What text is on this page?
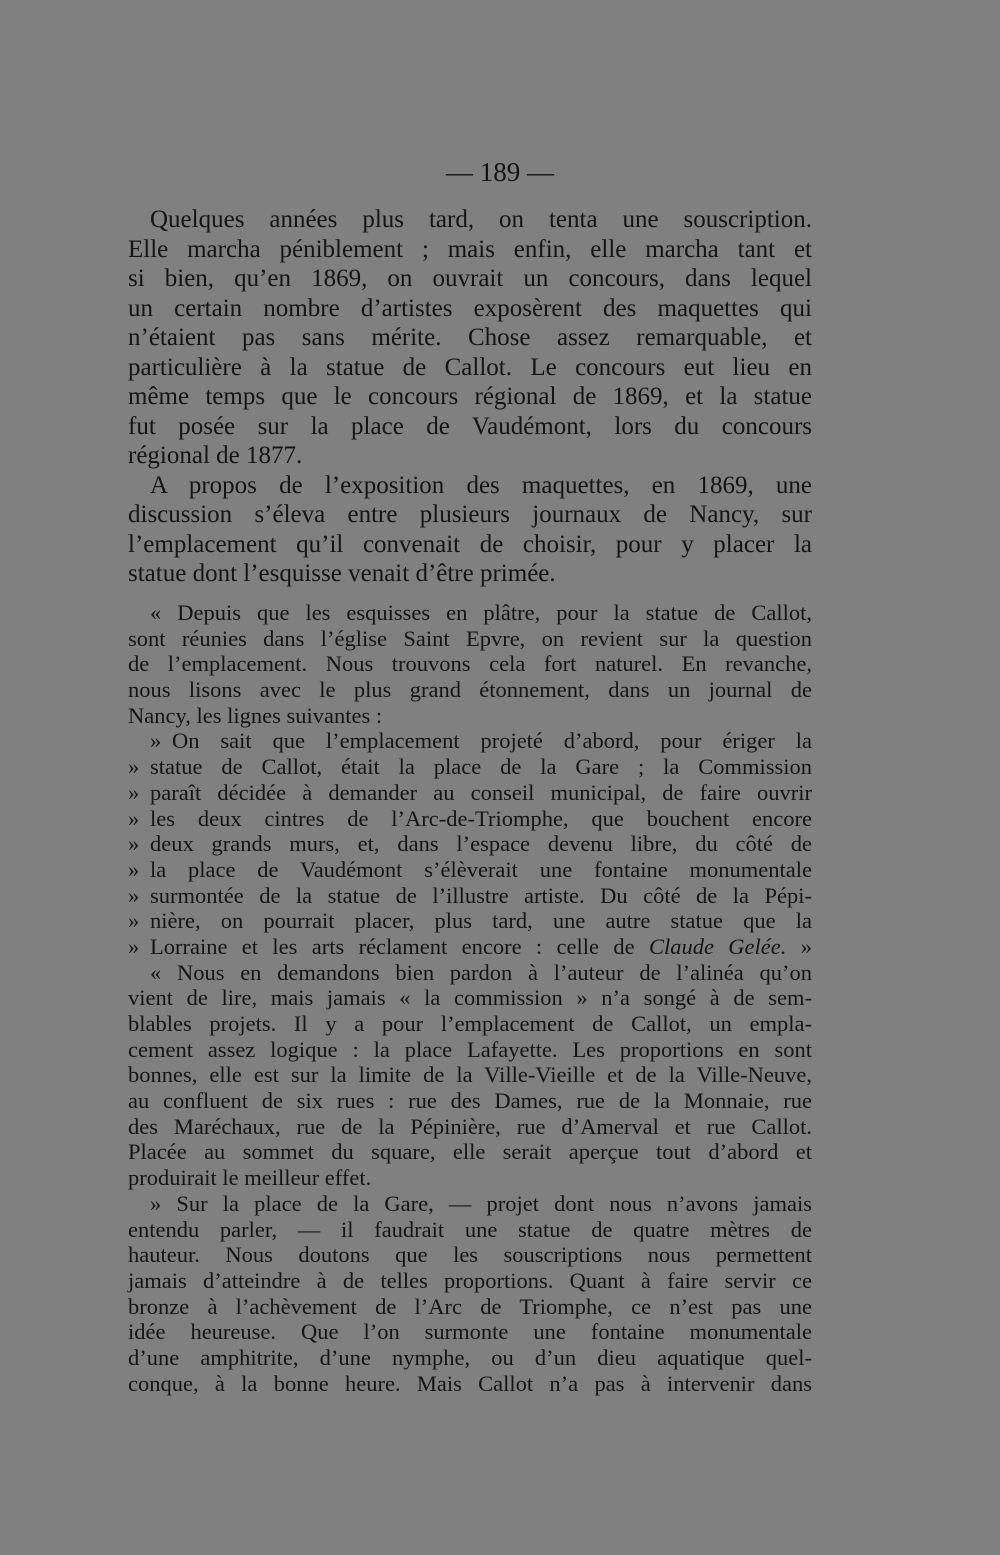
— 189 —
Quelques années plus tard, on tenta une souscription.
Elle marcha péniblement ; mais enfin, elle marcha tant et
si bien, qu’en 1869, on ouvrait un concours, dans lequel
un certain nombre d’artistes exposèrent des maquettes qui
n’étaient pas sans mérite. Chose assez remarquable, et
particulière à la statue de Callot. Le concours eut lieu en
même temps que le concours régional de 1869, et la statue
fut posée sur la place de Vaudémont, lors du concours
régional de 1877.
A propos de l’exposition des maquettes, en 1869, une
discussion s’éleva entre plusieurs journaux de Nancy, sur
l’emplacement qu’il convenait de choisir, pour y placer la
statue dont l’esquisse venait d’être primée.
« Depuis que les esquisses en plâtre, pour la statue de Callot,
sont réunies dans l’église Saint Epvre, on revient sur la question
de l’emplacement. Nous trouvons cela fort naturel. En revanche,
nous lisons avec le plus grand étonnement, dans un journal de
Nancy, les lignes suivantes :
» On sait que l’emplacement projeté d’abord, pour ériger la
» statue de Callot, était la place de la Gare ; la Commission
» paraît décidée à demander au conseil municipal, de faire ouvrir
» les deux cintres de l’Arc-de-Triomphe, que bouchent encore
» deux grands murs, et, dans l’espace devenu libre, du côté de
» la place de Vaudémont s’élèverait une fontaine monumentale
» surmontée de la statue de l’illustre artiste. Du côté de la Pépi-
» nière, on pourrait placer, plus tard, une autre statue que la
» Lorraine et les arts réclament encore : celle de Claude Gelée. »
« Nous en demandons bien pardon à l’auteur de l’alinéa qu’on
vient de lire, mais jamais « la commission » n’a songé à de sem-
blables projets. Il y a pour l’emplacement de Callot, un empla-
cement assez logique : la place Lafayette. Les proportions en sont
bonnes, elle est sur la limite de la Ville-Vieille et de la Ville-Neuve,
au confluent de six rues : rue des Dames, rue de la Monnaie, rue
des Maréchaux, rue de la Pépinière, rue d’Amerval et rue Callot.
Placée au sommet du square, elle serait aperçue tout d’abord et
produirait le meilleur effet.
» Sur la place de la Gare, — projet dont nous n’avons jamais
entendu parler, — il faudrait une statue de quatre mètres de
hauteur. Nous doutons que les souscriptions nous permettent
jamais d’atteindre à de telles proportions. Quant à faire servir ce
bronze à l’achèvement de l’Arc de Triomphe, ce n’est pas une
idée heureuse. Que l’on surmonte une fontaine monumentale
d’une amphitrite, d’une nymphe, ou d’un dieu aquatique quel-
conque, à la bonne heure. Mais Callot n’a pas à intervenir dans
